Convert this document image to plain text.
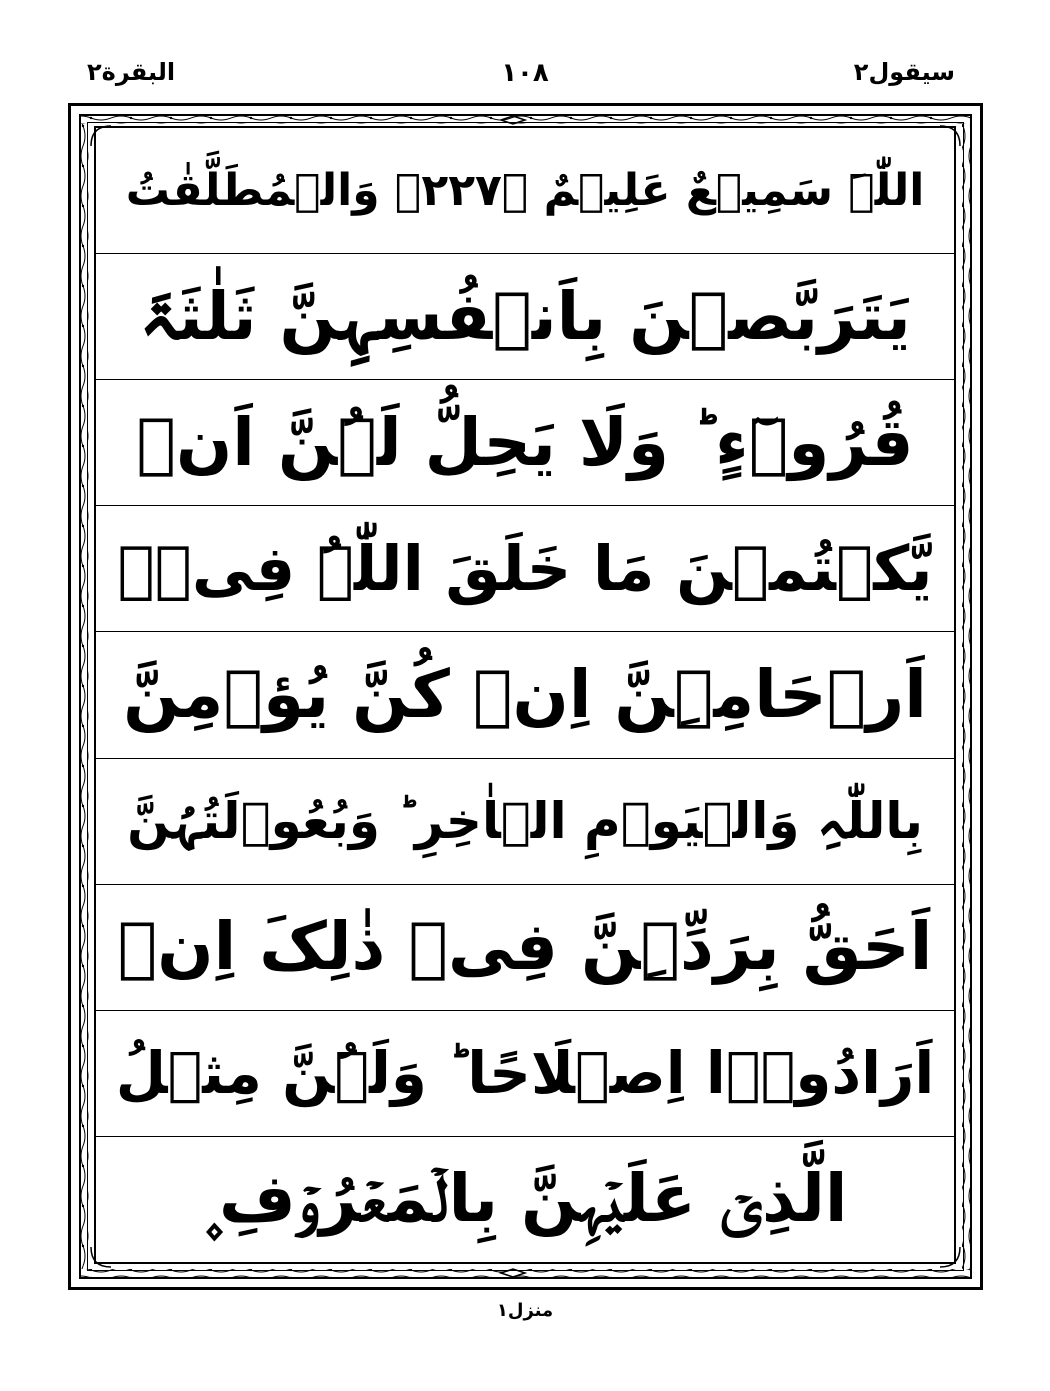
البقرة٢	١٠٨	سیقول٢
اللّٰہَ سَمِیۡعٌ عَلِیۡمٌ ﴿۲۲۷﴾ وَالۡمُطَلَّقٰتُ
یَتَرَبَّصۡنَ بِاَنۡفُسِہِنَّ ثَلٰثَۃَ
قُرُوۡٓءٍ ؕ وَلَا یَحِلُّ لَہُنَّ اَنۡ
یَّکۡتُمۡنَ مَا خَلَقَ اللّٰہُ فِیۡۤ
اَرۡحَامِہِنَّ اِنۡ کُنَّ یُؤۡمِنَّ
بِاللّٰہِ وَالۡیَوۡمِ الۡاٰخِرِ ؕ وَبُعُوۡلَتُہُنَّ
اَحَقُّ بِرَدِّہِنَّ فِیۡ ذٰلِکَ اِنۡ
اَرَادُوۡۤا اِصۡلَاحًا ؕ وَلَہُنَّ مِثۡلُ
الَّذِیۡ عَلَیۡہِنَّ بِالۡمَعۡرُوۡفِ ۪
منزل۱
